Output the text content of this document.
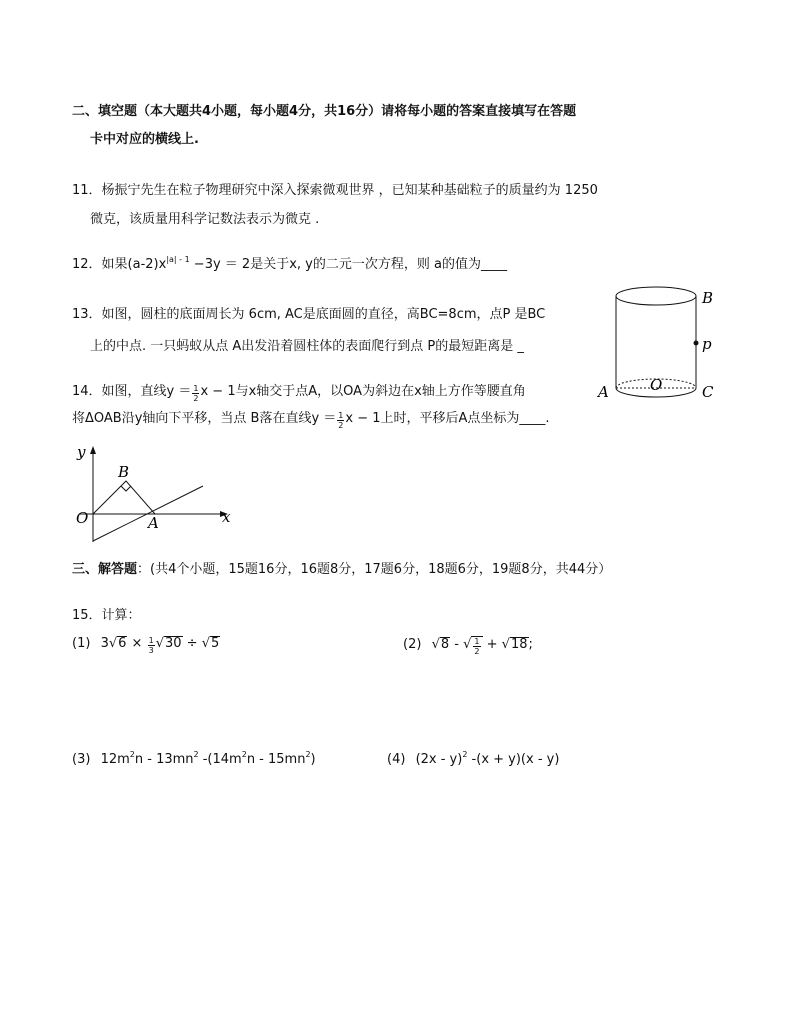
二、填空题（本大题共4小题，每小题4分，共16分）请将每小题的答案直接填写在答题
卡中对应的横线上.
11．杨振宁先生在粒子物理研究中深入探索微观世界 ，已知某种基础粒子的质量约为 1250
微克，该质量用科学记数法表示为微克 .
12．如果$(a-2)x^{|a| - 1} -3y = 2$是关于x, y的二元一次方程，则 a的值为____
13．如图，圆柱的底面周长为 6cm, AC是底面圆的直径，高BC=8cm，点P 是BC
上的中点. 一只蚂蚁从点 A出发沿着圆柱体的表面爬行到点 P的最短距离是 _
14．如图，直线$y = \frac{1}{2}$ x − 1与x轴交于点A，以OA为斜边在x轴上方作等腰直角
将ΔOAB沿y轴向下平移，当点 B落在直线$y = \frac{1}{2}$ x − 1上时，平移后A点坐标为____.
B
p
A	O	C
y
B
O	A	x
三、解答题：(共4个小题，15题16分，16题8分，17题6分，18题6分，19题8分，共44分）
15．计算：
(1) $3√6 \times \frac{1}{3} √30 \div √5$	(2) √8 - √ $\frac{1}{2} + √18$;
(3) $12m^2n - 13mn^2$ $-(14m^2n - 15mn^2)$	(4) (2x - y)$^2$ -(x + y)(x - y)
